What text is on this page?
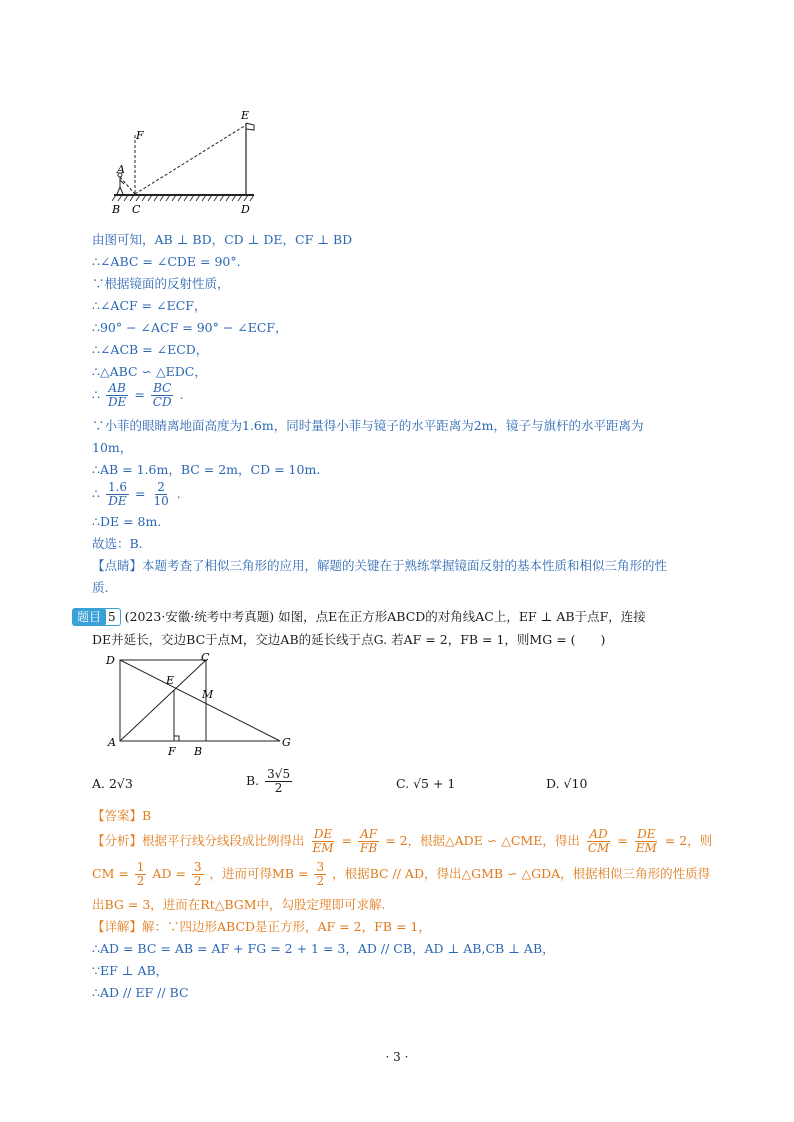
E
F
A
B C	D
由图可知，AB ⊥ BD，CD ⊥ DE，CF ⊥ BD
∴∠ABC = ∠CDE = 90°.
∵根据镜面的反射性质，
∴∠ACF = ∠ECF，
∴90° − ∠ACF = 90° − ∠ECF，
∴∠ACB = ∠ECD，
∴△ABC ∽ △EDC，
∴ $\frac{AB}{DE} = \frac{BC}{CD}$ .
∵小菲的眼睛离地面高度为1.6m，同时量得小菲与镜子的水平距离为2m，镜子与旗杆的水平距离为
10m，
∴AB = 1.6m，BC = 2m，CD = 10m.
∴ $\frac{1.6}{DE} = \frac{2}{10}$ .
∴DE = 8m.
故选：B.
【点睛】本题考查了相似三角形的应用，解题的关键在于熟练掌握镜面反射的基本性质和相似三角形的性
质.
题目 5 (2023·安徽·统考中考真题) 如图，点E在正方形ABCD的对角线AC上，EF ⊥ AB于点F，连接
DE并延长，交边BC于点M，交边AB的延长线于点G. 若AF = 2，FB = 1，则MG = (　　)
D	C
E
M
A
F B
G
A. 2√3	B. $\frac{3√5}{2}$	C. √5 + 1	D. √10
【答案】B
【分析】根据平行线分线段成比例得出 $\frac{DE}{EM} = \frac{AF}{FB} = 2$，根据△ADE ∽ △CME，得出 $\frac{AD}{CM} = \frac{DE}{EM} = 2$，则
CM = $\frac{1}{2}$ AD = $\frac{3}{2}$ ，进而可得MB = $\frac{3}{2}$ ，根据BC // AD，得出△GMB ∽ △GDA，根据相似三角形的性质得
出BG = 3，进而在Rt△BGM中，勾股定理即可求解.
【详解】解：∵四边形ABCD是正方形，AF = 2，FB = 1，
∴AD = BC = AB = AF + FG = 2 + 1 = 3，AD // CB，AD ⊥ AB,CB ⊥ AB，
∵EF ⊥ AB，
∴AD // EF // BC
· 3 ·
